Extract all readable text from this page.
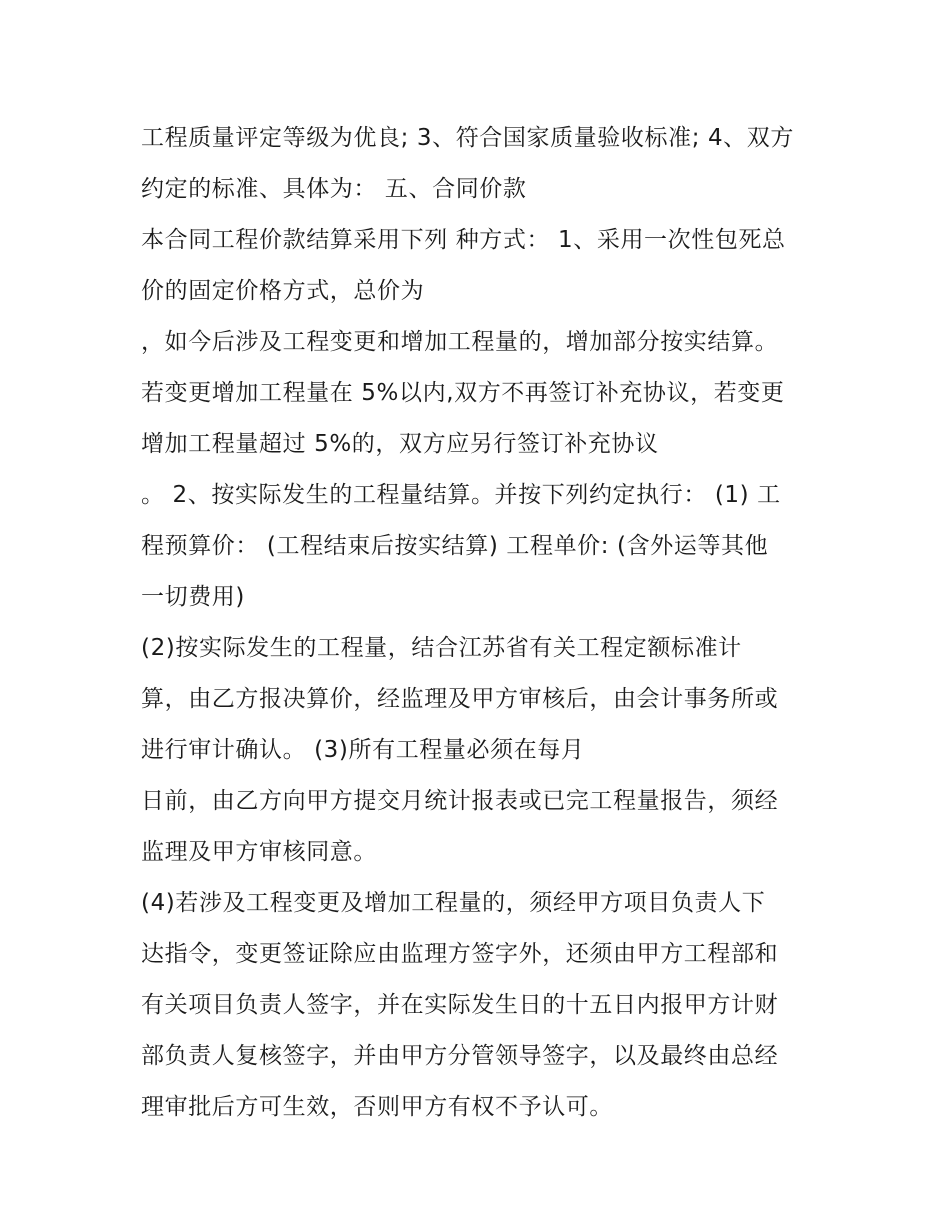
工程质量评定等级为优良; 3、符合国家质量验收标准; 4、双方
约定的标准、具体为： 五、合同价款
本合同工程价款结算采用下列 种方式： 1、采用一次性包死总
价的固定价格方式，总价为
，如今后涉及工程变更和增加工程量的，增加部分按实结算。
若变更增加工程量在 5%以内,双方不再签订补充协议，若变更
增加工程量超过 5%的，双方应另行签订补充协议
。 2、按实际发生的工程量结算。并按下列约定执行： (1) 工
程预算价： (工程结束后按实结算) 工程单价: (含外运等其他
一切费用)
(2)按实际发生的工程量，结合江苏省有关工程定额标准计
算，由乙方报决算价，经监理及甲方审核后，由会计事务所或
进行审计确认。 (3)所有工程量必须在每月
日前，由乙方向甲方提交月统计报表或已完工程量报告，须经
监理及甲方审核同意。
(4)若涉及工程变更及增加工程量的，须经甲方项目负责人下
达指令，变更签证除应由监理方签字外，还须由甲方工程部和
有关项目负责人签字，并在实际发生日的十五日内报甲方计财
部负责人复核签字，并由甲方分管领导签字，以及最终由总经
理审批后方可生效，否则甲方有权不予认可。
